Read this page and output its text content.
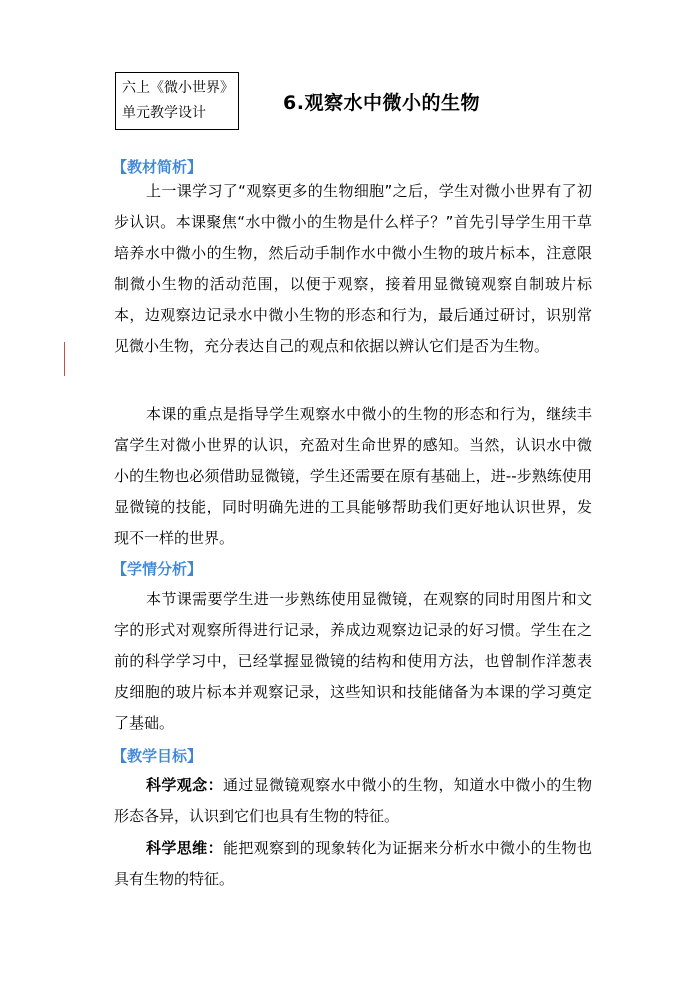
六上《微小世界》
单元教学设计	6.观察水中微小的生物
【教材简析】

上一课学习了“观察更多的生物细胞”之后，学生对微小世界有了初步认识。本课聚焦“水中微小的生物是什么样子？”首先引导学生用干草培养水中微小的生物，然后动手制作水中微小生物的玻片标本，注意限制微小生物的活动范围，以便于观察，接着用显微镜观察自制玻片标本，边观察边记录水中微小生物的形态和行为，最后通过研讨，识别常见微小生物，充分表达自己的观点和依据以辨认它们是否为生物。

本课的重点是指导学生观察水中微小的生物的形态和行为，继续丰富学生对微小世界的认识，充盈对生命世界的感知。当然，认识水中微小的生物也必须借助显微镜，学生还需要在原有基础上，进--步熟练使用显微镜的技能，同时明确先进的工具能够帮助我们更好地认识世界，发现不一样的世界。

【学情分析】

本节课需要学生进一步熟练使用显微镜，在观察的同时用图片和文字的形式对观察所得进行记录，养成边观察边记录的好习惯。学生在之前的科学学习中，已经掌握显微镜的结构和使用方法，也曾制作洋葱表皮细胞的玻片标本并观察记录，这些知识和技能储备为本课的学习奠定了基础。

【教学目标】

科学观念：通过显微镜观察水中微小的生物，知道水中微小的生物形态各异，认识到它们也具有生物的特征。

科学思维：能把观察到的现象转化为证据来分析水中微小的生物也具有生物的特征。
